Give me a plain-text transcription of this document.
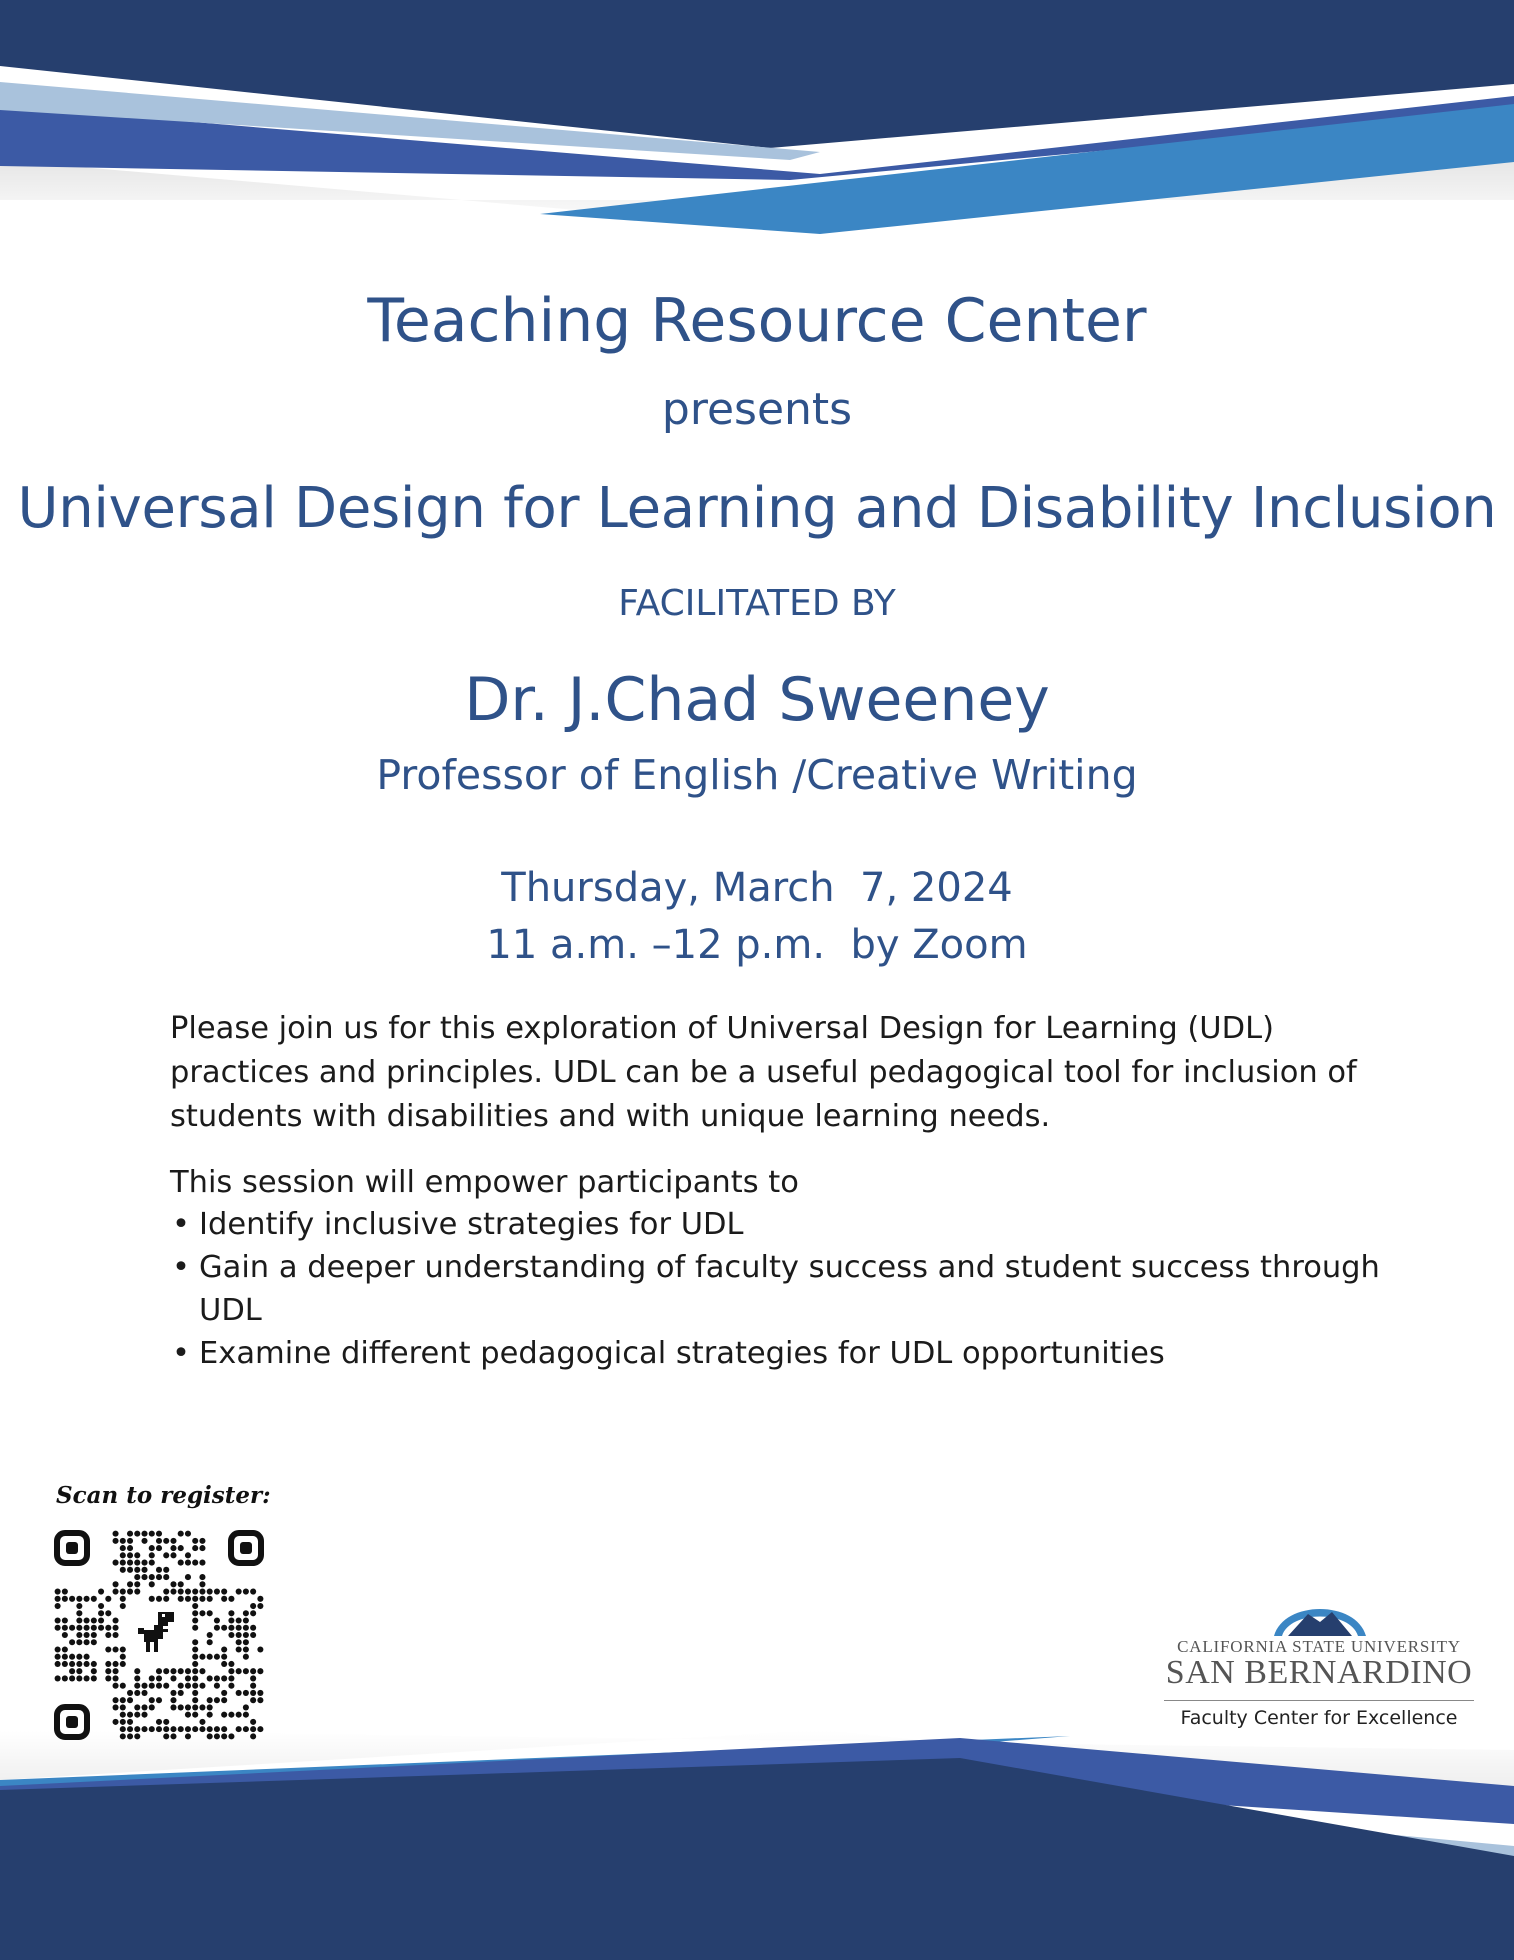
Teaching Resource Center
presents
Universal Design for Learning and Disability Inclusion
FACILITATED BY
Dr. J.Chad Sweeney
Professor of English /Creative Writing
Thursday, March  7, 2024
11 a.m. –12 p.m.  by Zoom

Please join us for this exploration of Universal Design for Learning (UDL) practices and principles. UDL can be a useful pedagogical tool for inclusion of students with disabilities and with unique learning needs.

This session will empower participants to
• Identify inclusive strategies for UDL
• Gain a deeper understanding of faculty success and student success through UDL
• Examine different pedagogical strategies for UDL opportunities
Scan to register:
CALIFORNIA STATE UNIVERSITY
SAN BERNARDINO
Faculty Center for Excellence
